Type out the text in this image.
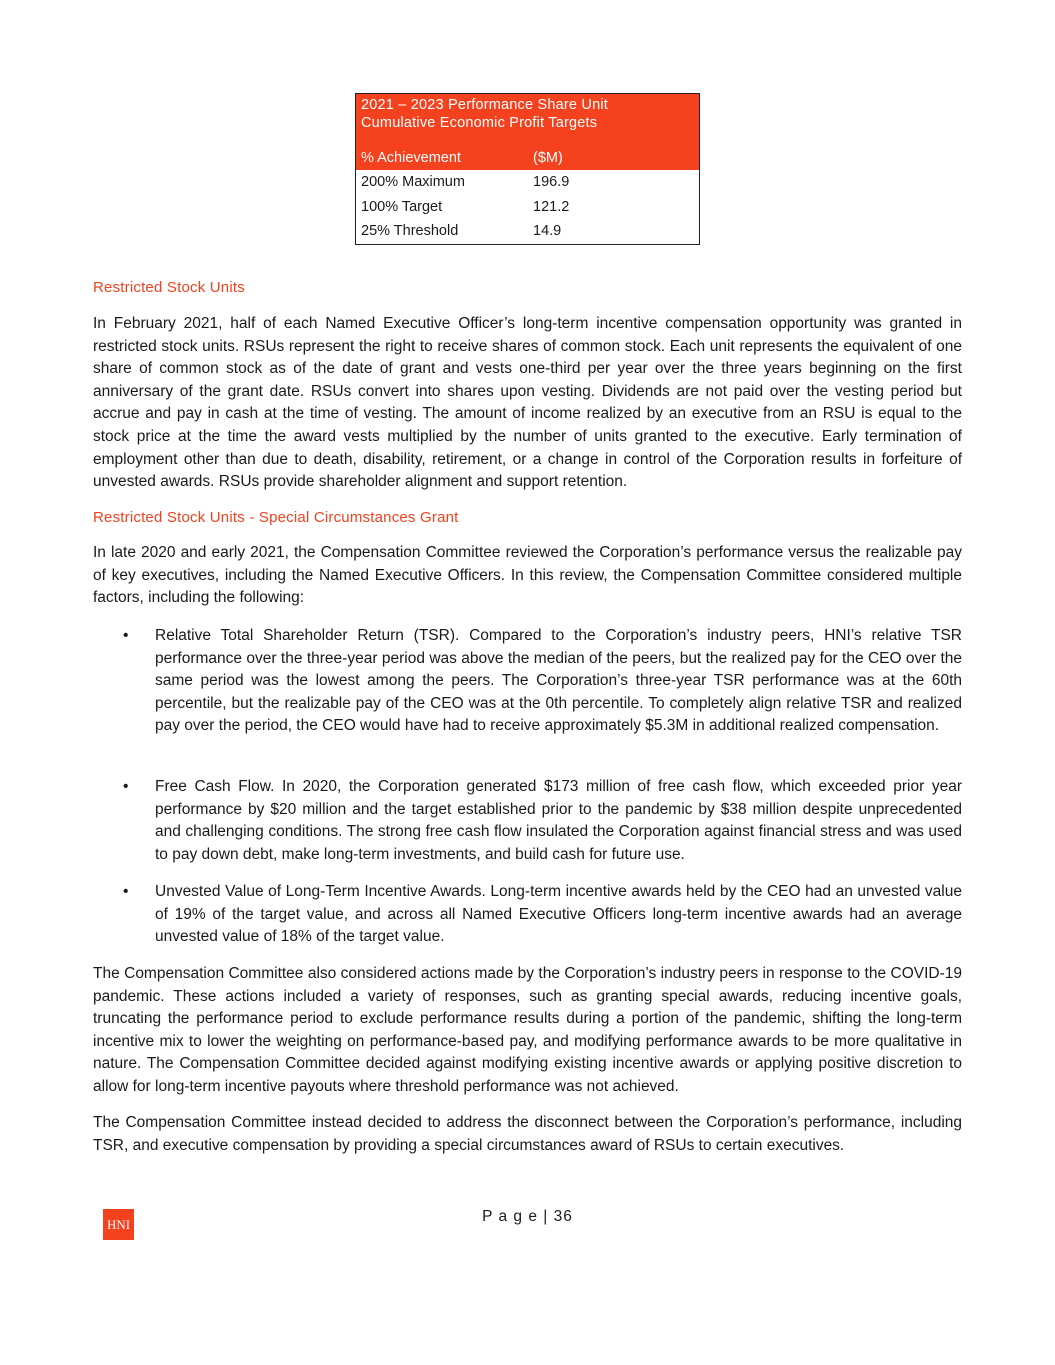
2021 – 2023 Performance Share Unit
Cumulative Economic Profit Targets
% Achievement	($M)
200% Maximum	196.9
100% Target	121.2
25% Threshold	14.9
Restricted Stock Units

In February 2021, half of each Named Executive Officer’s long-term incentive compensation opportunity was granted in restricted stock units. RSUs represent the right to receive shares of common stock. Each unit represents the equivalent of one share of common stock as of the date of grant and vests one-third per year over the three years beginning on the first anniversary of the grant date. RSUs convert into shares upon vesting. Dividends are not paid over the vesting period but accrue and pay in cash at the time of vesting. The amount of income realized by an executive from an RSU is equal to the stock price at the time the award vests multiplied by the number of units granted to the executive. Early termination of employment other than due to death, disability, retirement, or a change in control of the Corporation results in forfeiture of unvested awards. RSUs provide shareholder alignment and support retention.

Restricted Stock Units - Special Circumstances Grant

In late 2020 and early 2021, the Compensation Committee reviewed the Corporation’s performance versus the realizable pay of key executives, including the Named Executive Officers. In this review, the Compensation Committee considered multiple factors, including the following:

• Relative Total Shareholder Return (TSR). Compared to the Corporation’s industry peers, HNI’s relative TSR performance over the three-year period was above the median of the peers, but the realized pay for the CEO over the same period was the lowest among the peers. The Corporation’s three-year TSR performance was at the 60th percentile, but the realizable pay of the CEO was at the 0th percentile. To completely align relative TSR and realized pay over the period, the CEO would have had to receive approximately $5.3M in additional realized compensation.
• Free Cash Flow. In 2020, the Corporation generated $173 million of free cash flow, which exceeded prior year performance by $20 million and the target established prior to the pandemic by $38 million despite unprecedented and challenging conditions. The strong free cash flow insulated the Corporation against financial stress and was used to pay down debt, make long-term investments, and build cash for future use.
• Unvested Value of Long-Term Incentive Awards. Long-term incentive awards held by the CEO had an unvested value of 19% of the target value, and across all Named Executive Officers long-term incentive awards had an average unvested value of 18% of the target value.

The Compensation Committee also considered actions made by the Corporation’s industry peers in response to the COVID-19 pandemic. These actions included a variety of responses, such as granting special awards, reducing incentive goals, truncating the performance period to exclude performance results during a portion of the pandemic, shifting the long-term incentive mix to lower the weighting on performance-based pay, and modifying performance awards to be more qualitative in nature. The Compensation Committee decided against modifying existing incentive awards or applying positive discretion to allow for long-term incentive payouts where threshold performance was not achieved.

The Compensation Committee instead decided to address the disconnect between the Corporation’s performance, including TSR, and executive compensation by providing a special circumstances award of RSUs to certain executives.

HNI	P a g e | 36
